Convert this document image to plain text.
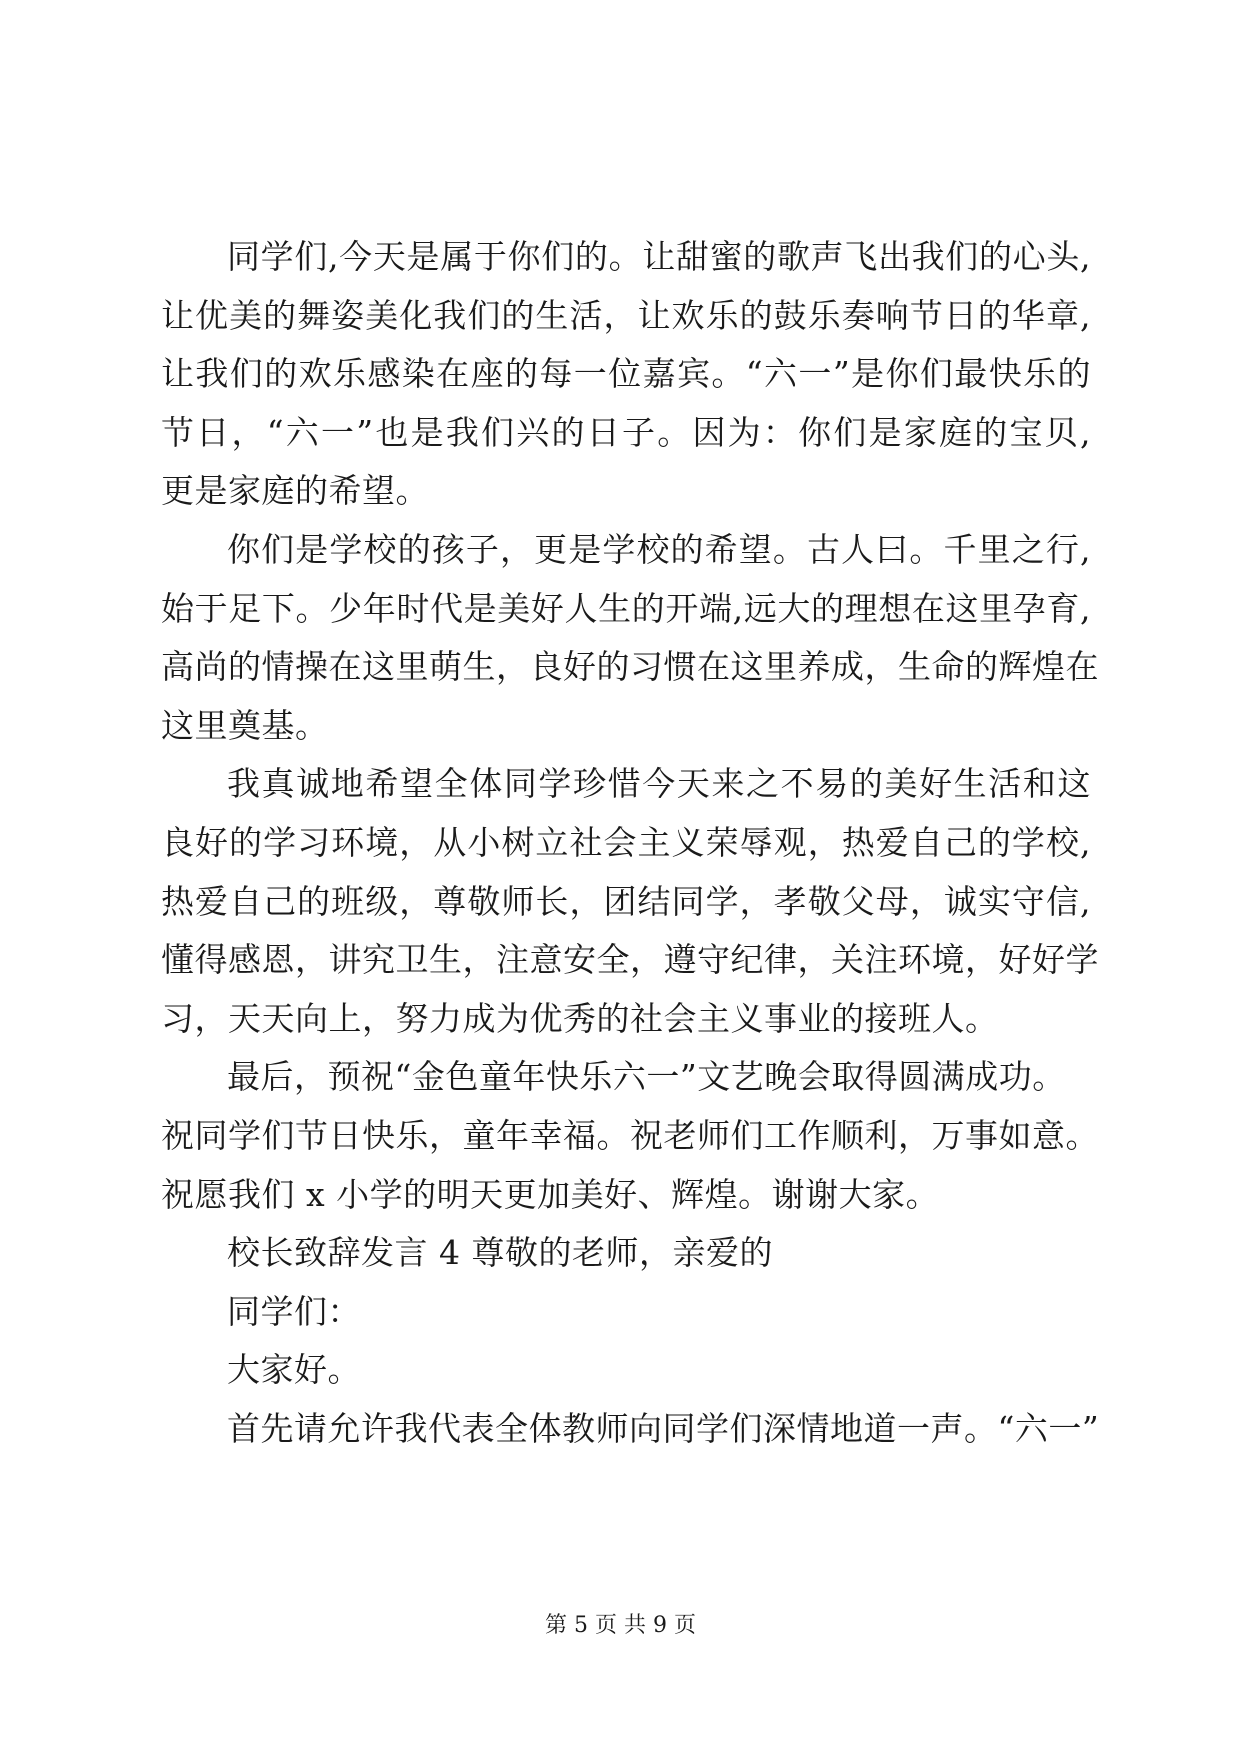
同学们,今天是属于你们的。让甜蜜的歌声飞出我们的心头,
让优美的舞姿美化我们的生活，让欢乐的鼓乐奏响节日的华章,
让我们的欢乐感染在座的每一位嘉宾。“六一”是你们最快乐的
节日，“六一”也是我们兴的日子。因为：你们是家庭的宝贝,
更是家庭的希望。
你们是学校的孩子，更是学校的希望。古人曰。千里之行,
始于足下。少年时代是美好人生的开端,远大的理想在这里孕育,
高尚的情操在这里萌生，良好的习惯在这里养成，生命的辉煌在
这里奠基。
我真诚地希望全体同学珍惜今天来之不易的美好生活和这
良好的学习环境，从小树立社会主义荣辱观，热爱自己的学校,
热爱自己的班级，尊敬师长，团结同学，孝敬父母，诚实守信,
懂得感恩，讲究卫生，注意安全，遵守纪律，关注环境，好好学
习，天天向上，努力成为优秀的社会主义事业的接班人。
最后，预祝“金色童年快乐六一”文艺晚会取得圆满成功。
祝同学们节日快乐，童年幸福。祝老师们工作顺利，万事如意。
祝愿我们 x 小学的明天更加美好、辉煌。谢谢大家。
校长致辞发言 4 尊敬的老师，亲爱的
同学们：
大家好。
首先请允许我代表全体教师向同学们深情地道一声。“六一”
第 5 页 共 9 页
